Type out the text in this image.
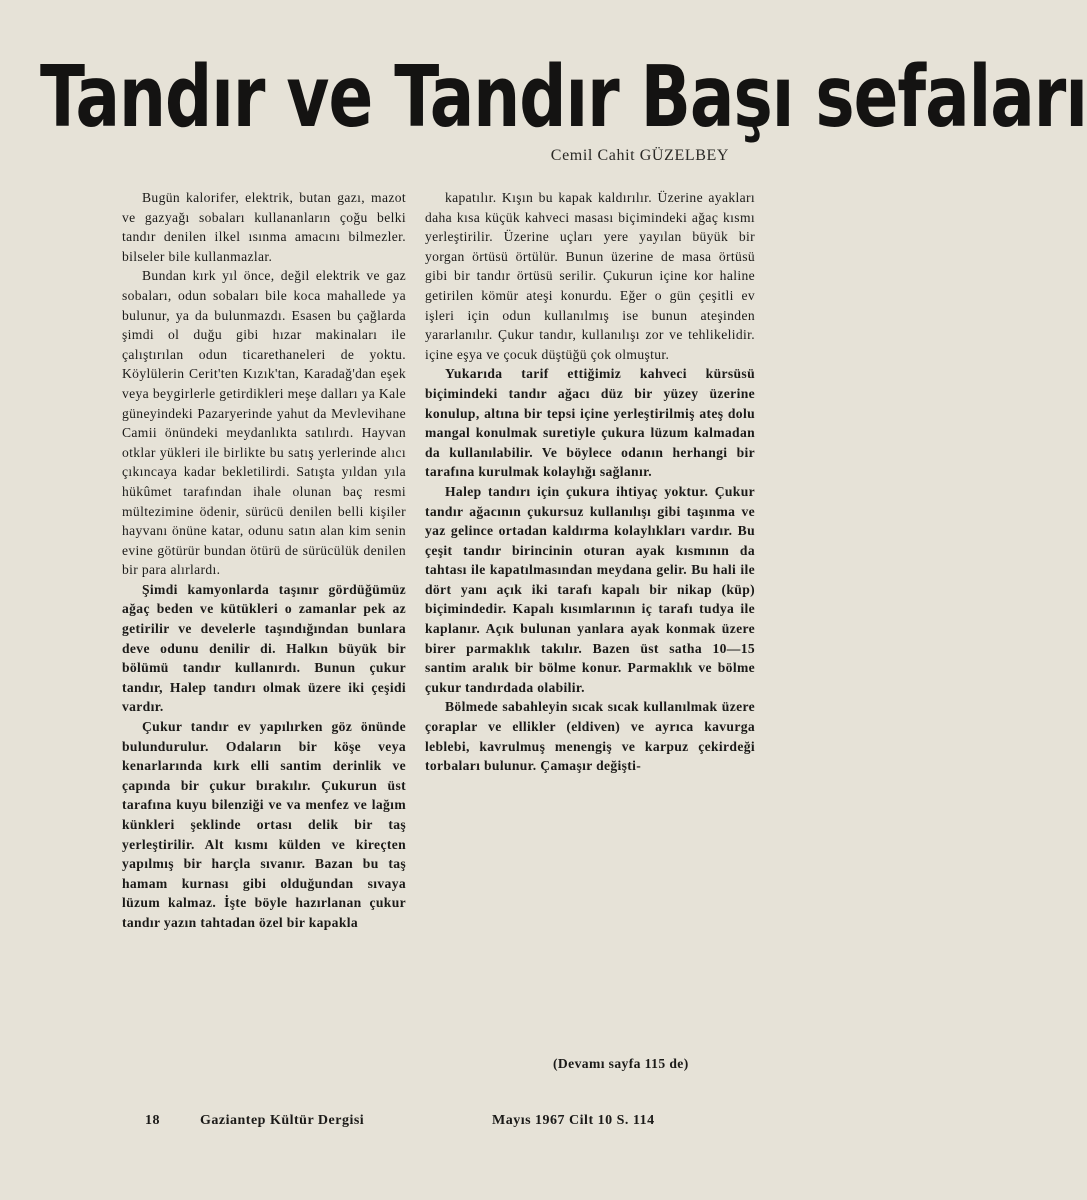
Tandır ve Tandır Başı sefaları
Cemil Cahit GÜZELBEY

Bugün kalorifer, elektrik, butan gazı, mazot ve gazyağı sobaları kullananların çoğu belki tandır denilen ilkel ısınma amacını bilmezler. bilseler bile kullanmazlar.

Bundan kırk yıl önce, değil elektrik ve gaz sobaları, odun sobaları bile koca mahallede ya bulunur, ya da bulunmazdı. Esasen bu çağlarda şimdi ol duğu gibi hızar makinaları ile çalıştırılan odun ticarethaneleri de yoktu. Köylülerin Cerit'ten Kızık'tan, Karadağ'dan eşek veya beygirlerle getirdikleri meşe dalları ya Kale güneyindeki Pazaryerinde yahut da Mevlevihane Camii önündeki meydanlıkta satılırdı. Hayvan otklar yükleri ile birlikte bu satış yerlerinde alıcı çıkıncaya kadar bekletilirdi. Satışta yıldan yıla hükûmet tarafından ihale olunan baç resmi mültezimine ödenir, sürücü denilen belli kişiler hayvanı önüne katar, odunu satın alan kim senin evine götürür bundan ötürü de sürücülük denilen bir para alırlardı.

Şimdi kamyonlarda taşınır gördüğümüz ağaç beden ve kütükleri o zamanlar pek az getirilir ve develerle taşındığından bunlara deve odunu denilir di. Halkın büyük bir bölümü tandır kullanırdı. Bunun çukur tandır, Halep tandırı olmak üzere iki çeşidi vardır.

Çukur tandır ev yapılırken göz önünde bulundurulur. Odaların bir köşe veya kenarlarında kırk elli santim derinlik ve çapında bir çukur bırakılır. Çukurun üst tarafına kuyu bilenziği ve va menfez ve lağım künkleri şeklinde ortası delik bir taş yerleştirilir. Alt kısmı külden ve kireçten yapılmış bir harçla sıvanır. Bazan bu taş hamam kurnası gibi olduğundan sıvaya lüzum kalmaz. İşte böyle hazırlanan çukur tandır yazın tahtadan özel bir kapakla

kapatılır. Kışın bu kapak kaldırılır. Üzerine ayakları daha kısa küçük kahveci masası biçimindeki ağaç kısmı yerleştirilir. Üzerine uçları yere yayılan büyük bir yorgan örtüsü örtülür. Bunun üzerine de masa örtüsü gibi bir tandır örtüsü serilir. Çukurun içine kor haline getirilen kömür ateşi konurdu. Eğer o gün çeşitli ev işleri için odun kullanılmış ise bunun ateşinden yararlanılır. Çukur tandır, kullanılışı zor ve tehlikelidir. içine eşya ve çocuk düştüğü çok olmuştur.

Yukarıda tarif ettiğimiz kahveci kürsüsü biçimindeki tandır ağacı düz bir yüzey üzerine konulup, altına bir tepsi içine yerleştirilmiş ateş dolu mangal konulmak suretiyle çukura lüzum kalmadan da kullanılabilir. Ve böylece odanın herhangi bir tarafına kurulmak kolaylığı sağlanır.

Halep tandırı için çukura ihtiyaç yoktur. Çukur tandır ağacının çukursuz kullanılışı gibi taşınma ve yaz gelince ortadan kaldırma kolaylıkları vardır. Bu çeşit tandır birincinin oturan ayak kısmının da tahtası ile kapatılmasından meydana gelir. Bu hali ile dört yanı açık iki tarafı kapalı bir nikap (küp) biçimindedir. Kapalı kısımlarının iç tarafı tudya ile kaplanır. Açık bulunan yanlara ayak konmak üzere birer parmaklık takılır. Bazen üst satha 10—15 santim aralık bir bölme konur. Parmaklık ve bölme çukur tandırdada olabilir.

Bölmede sabahleyin sıcak sıcak kullanılmak üzere çoraplar ve ellikler (eldiven) ve ayrıca kavurga leblebi, kavrulmuş menengiş ve karpuz çekirdeği torbaları bulunur. Çamaşır değişti-

(Devamı sayfa 115 de)
18	Gaziantep Kültür Dergisi	Mayıs 1967 Cilt 10 S. 114
